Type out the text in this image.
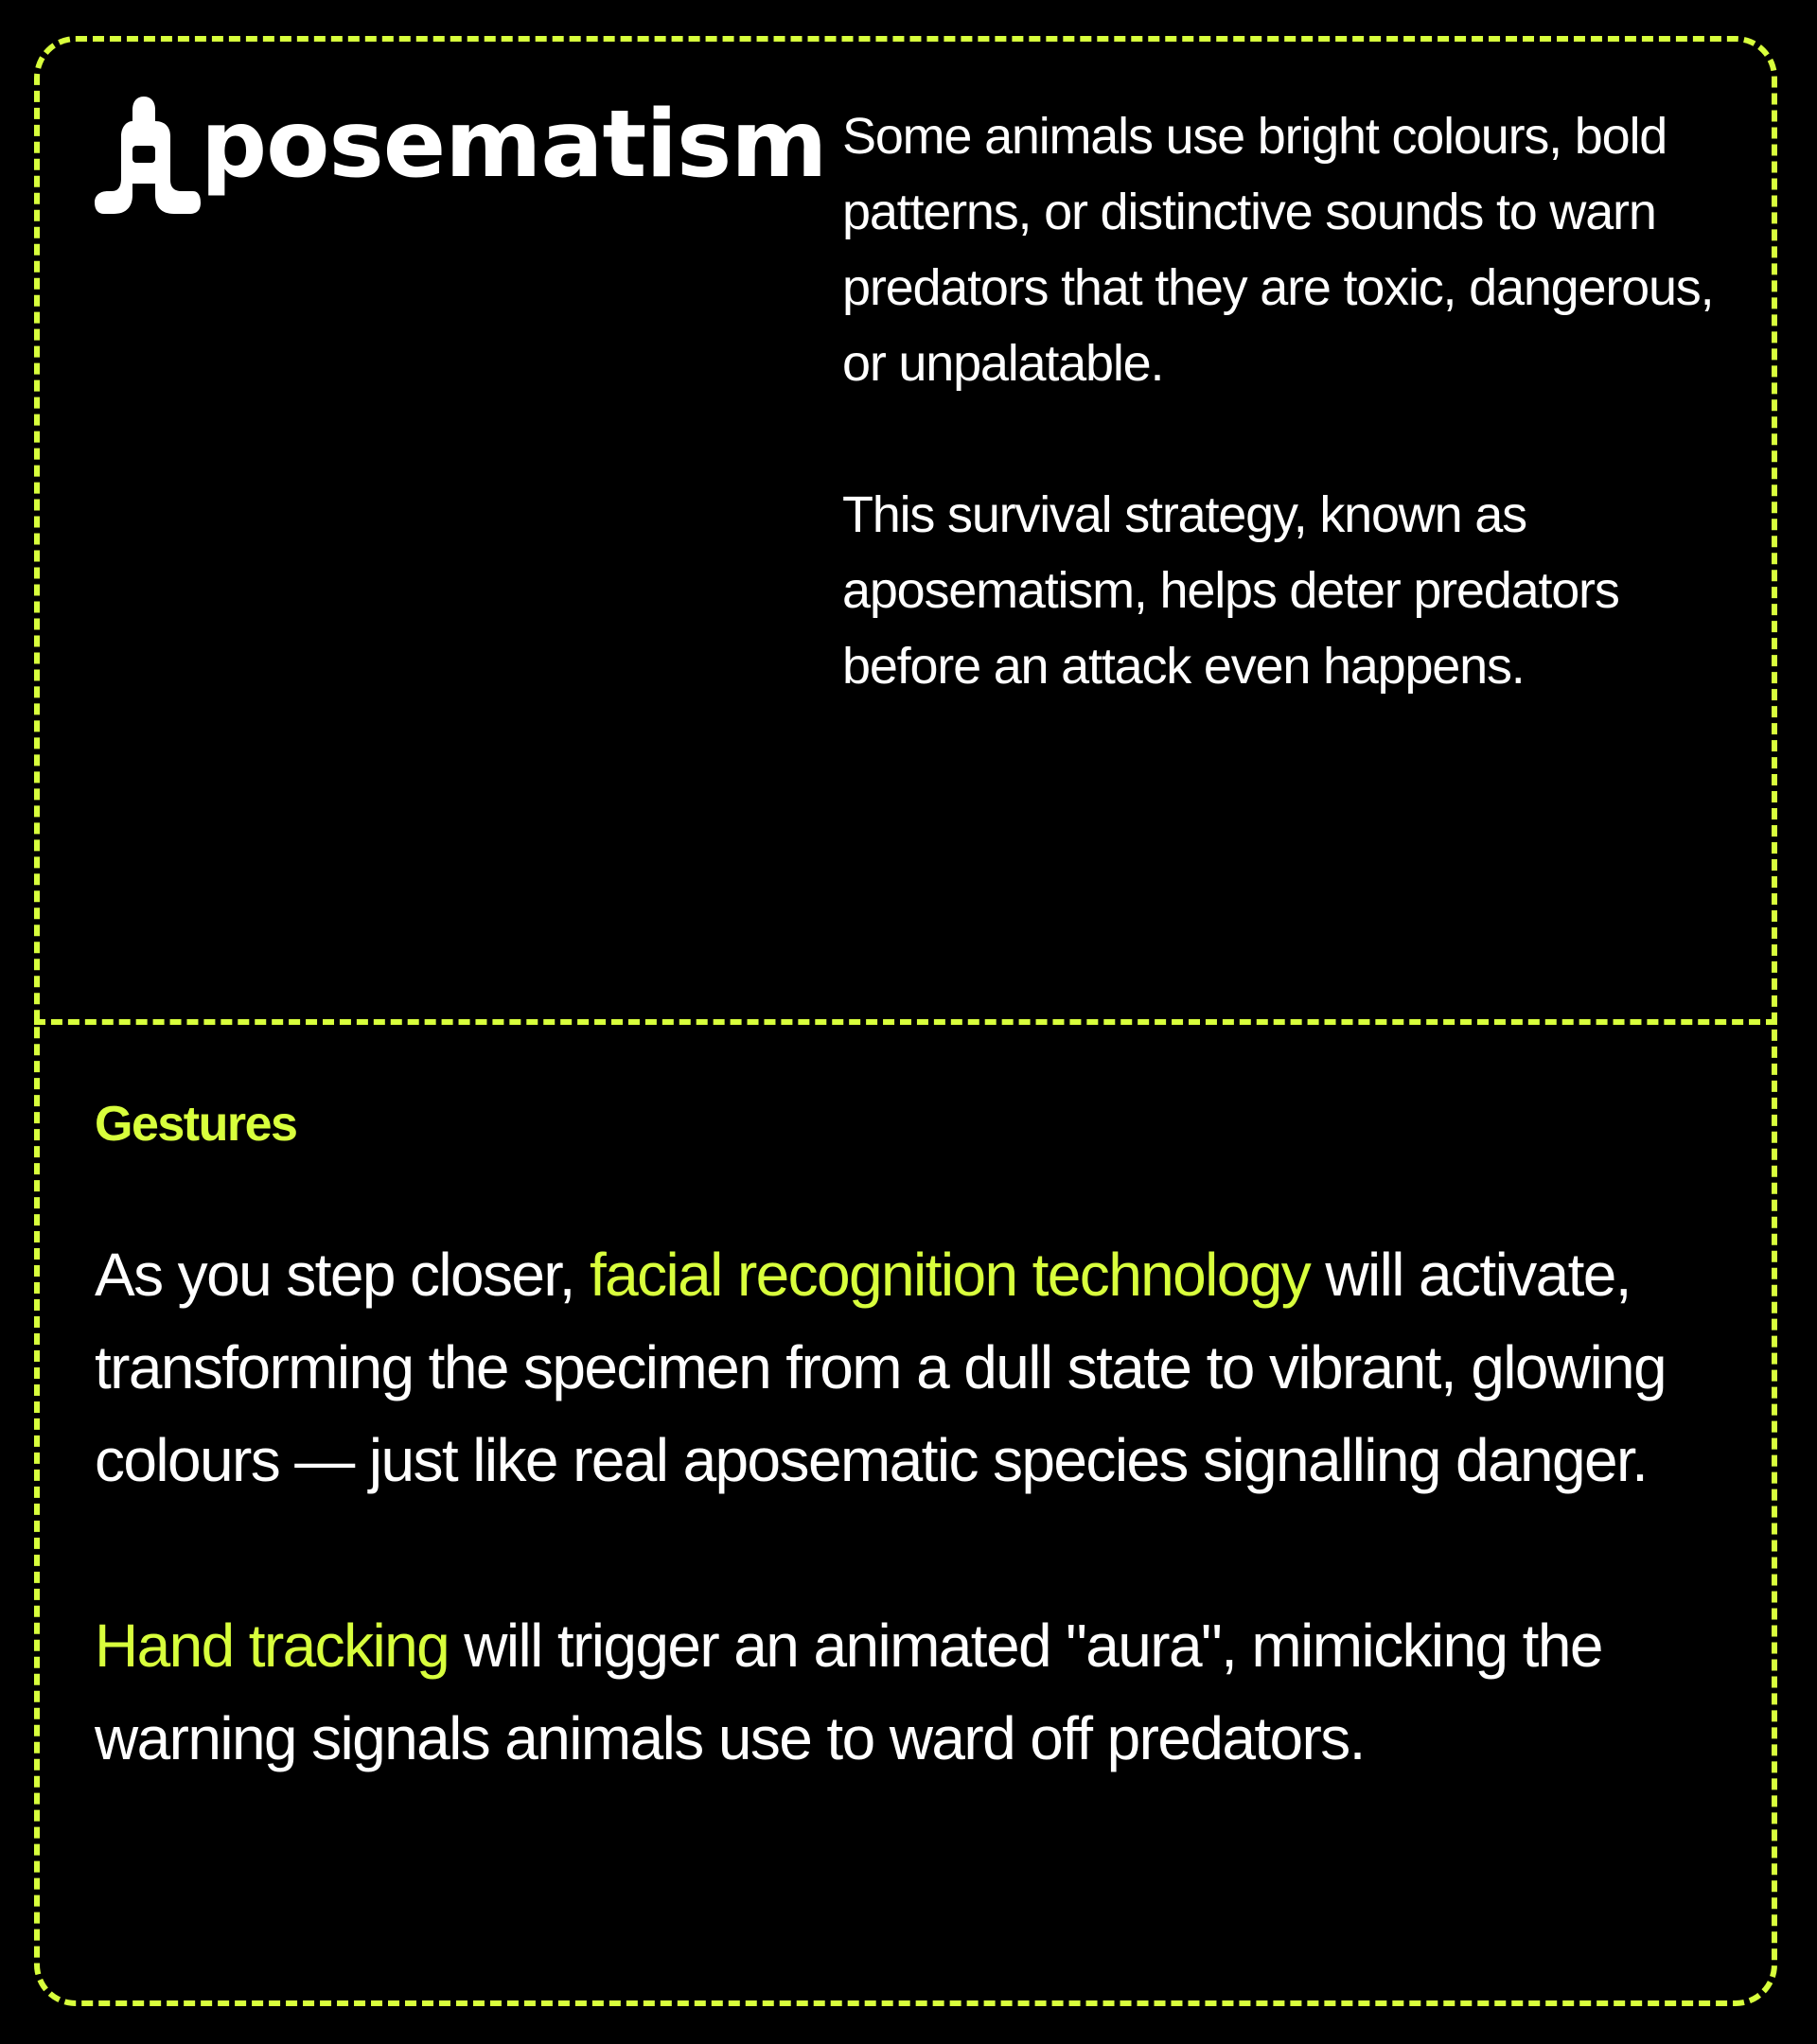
posematism Some animals use bright colours, bold patterns, or distinctive sounds to warn predators that they are toxic, dangerous, or unpalatable.

This survival strategy, known as aposematism, helps deter predators before an attack even happens.

Gestures

As you step closer, facial recognition technology will activate, transforming the specimen from a dull state to vibrant, glowing colours — just like real aposematic species signalling danger.

Hand tracking will trigger an animated "aura", mimicking the warning signals animals use to ward off predators.
